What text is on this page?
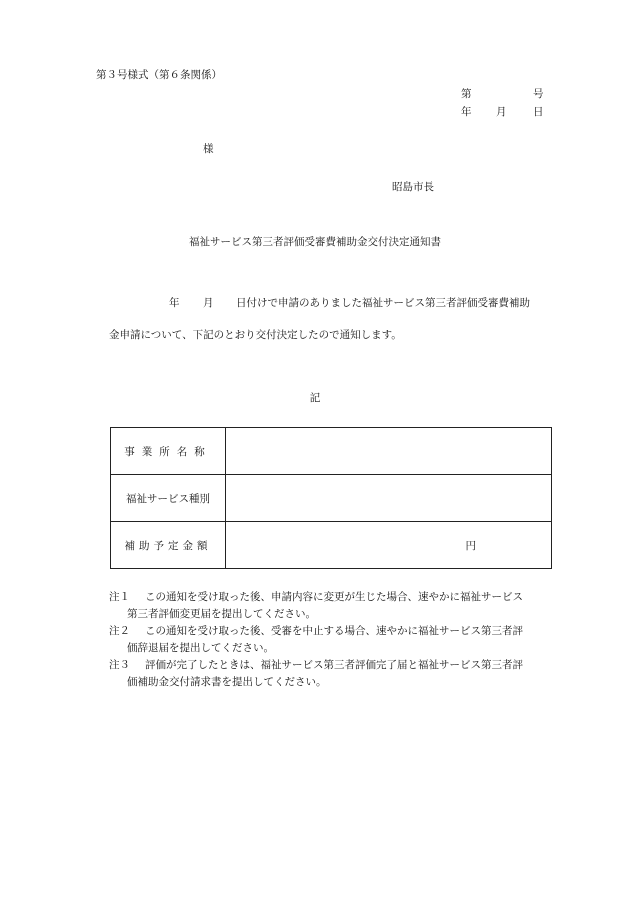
第３号様式（第６条関係）
第	号
年 月	日
様
昭島市長
福祉サービス第三者評価受審費補助金交付決定通知書
年 月 日付けで申請のありました福祉サービス第三者評価受審費補助
金申請について、下記のとおり交付決定したので通知します。
記
事業所名称	
福祉サービス種別	
補助予定金額	円
注１	この通知を受け取った後、申請内容に変更が生じた場合、速やかに福祉サービス
第三者評価変更届を提出してください。
注２	この通知を受け取った後、受審を中止する場合、速やかに福祉サービス第三者評
価辞退届を提出してください。
注３	評価が完了したときは、福祉サービス第三者評価完了届と福祉サービス第三者評
価補助金交付請求書を提出してください。
